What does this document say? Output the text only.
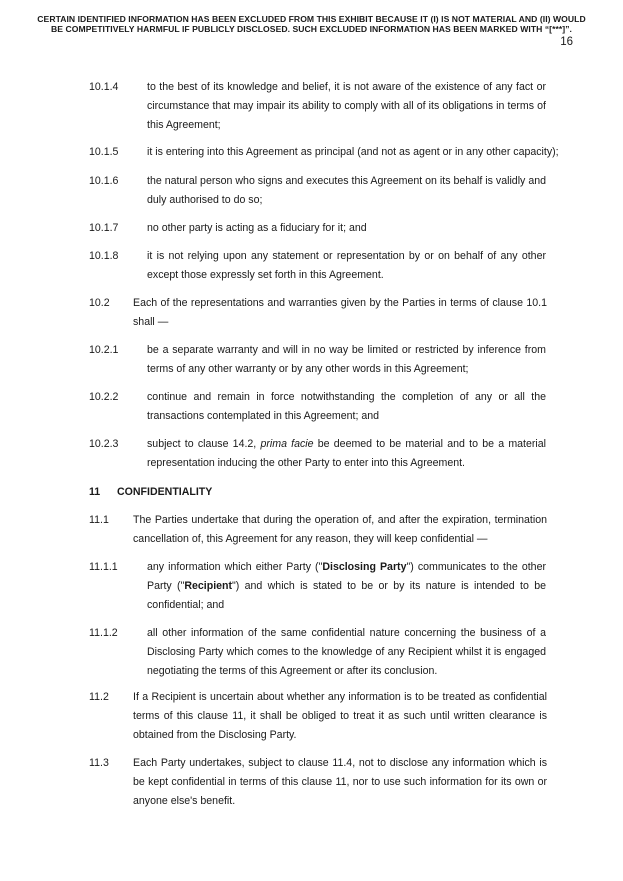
CERTAIN IDENTIFIED INFORMATION HAS BEEN EXCLUDED FROM THIS EXHIBIT BECAUSE IT (I) IS NOT MATERIAL AND (II) WOULD
BE COMPETITIVELY HARMFUL IF PUBLICLY DISCLOSED. SUCH EXCLUDED INFORMATION HAS BEEN MARKED WITH “[***]”.
16
10.1.4	to the best of its knowledge and belief, it is not aware of the existence of any fact or
circumstance that may impair its ability to comply with all of its obligations in terms of
this Agreement;
10.1.5	it is entering into this Agreement as principal (and not as agent or in any other capacity);
10.1.6	the natural person who signs and executes this Agreement on its behalf is validly and
duly authorised to do so;
10.1.7	no other party is acting as a fiduciary for it; and
10.1.8	it is not relying upon any statement or representation by or on behalf of any other
except those expressly set forth in this Agreement.
10.2 Each of the representations and warranties given by the Parties in terms of clause 10.1
shall —
10.2.1	be a separate warranty and will in no way be limited or restricted by inference from
terms of any other warranty or by any other words in this Agreement;
10.2.2	continue and remain in force notwithstanding the completion of any or all the
transactions contemplated in this Agreement; and
10.2.3	subject to clause 14.2, prima facie be deemed to be material and to be a material
representation inducing the other Party to enter into this Agreement.
11 CONFIDENTIALITY
11.1 The Parties undertake that during the operation of, and after the expiration, termination
cancellation of, this Agreement for any reason, they will keep confidential —
11.1.1	any information which either Party ("Disclosing Party") communicates to the other
Party ("Recipient") and which is stated to be or by its nature is intended to be
confidential; and
11.1.2	all other information of the same confidential nature concerning the business of a
Disclosing Party which comes to the knowledge of any Recipient whilst it is engaged
negotiating the terms of this Agreement or after its conclusion.
11.2 If a Recipient is uncertain about whether any information is to be treated as confidential
terms of this clause 11, it shall be obliged to treat it as such until written clearance is
obtained from the Disclosing Party.
11.3 Each Party undertakes, subject to clause 11.4, not to disclose any information which is
be kept confidential in terms of this clause 11, nor to use such information for its own or
anyone else's benefit.
